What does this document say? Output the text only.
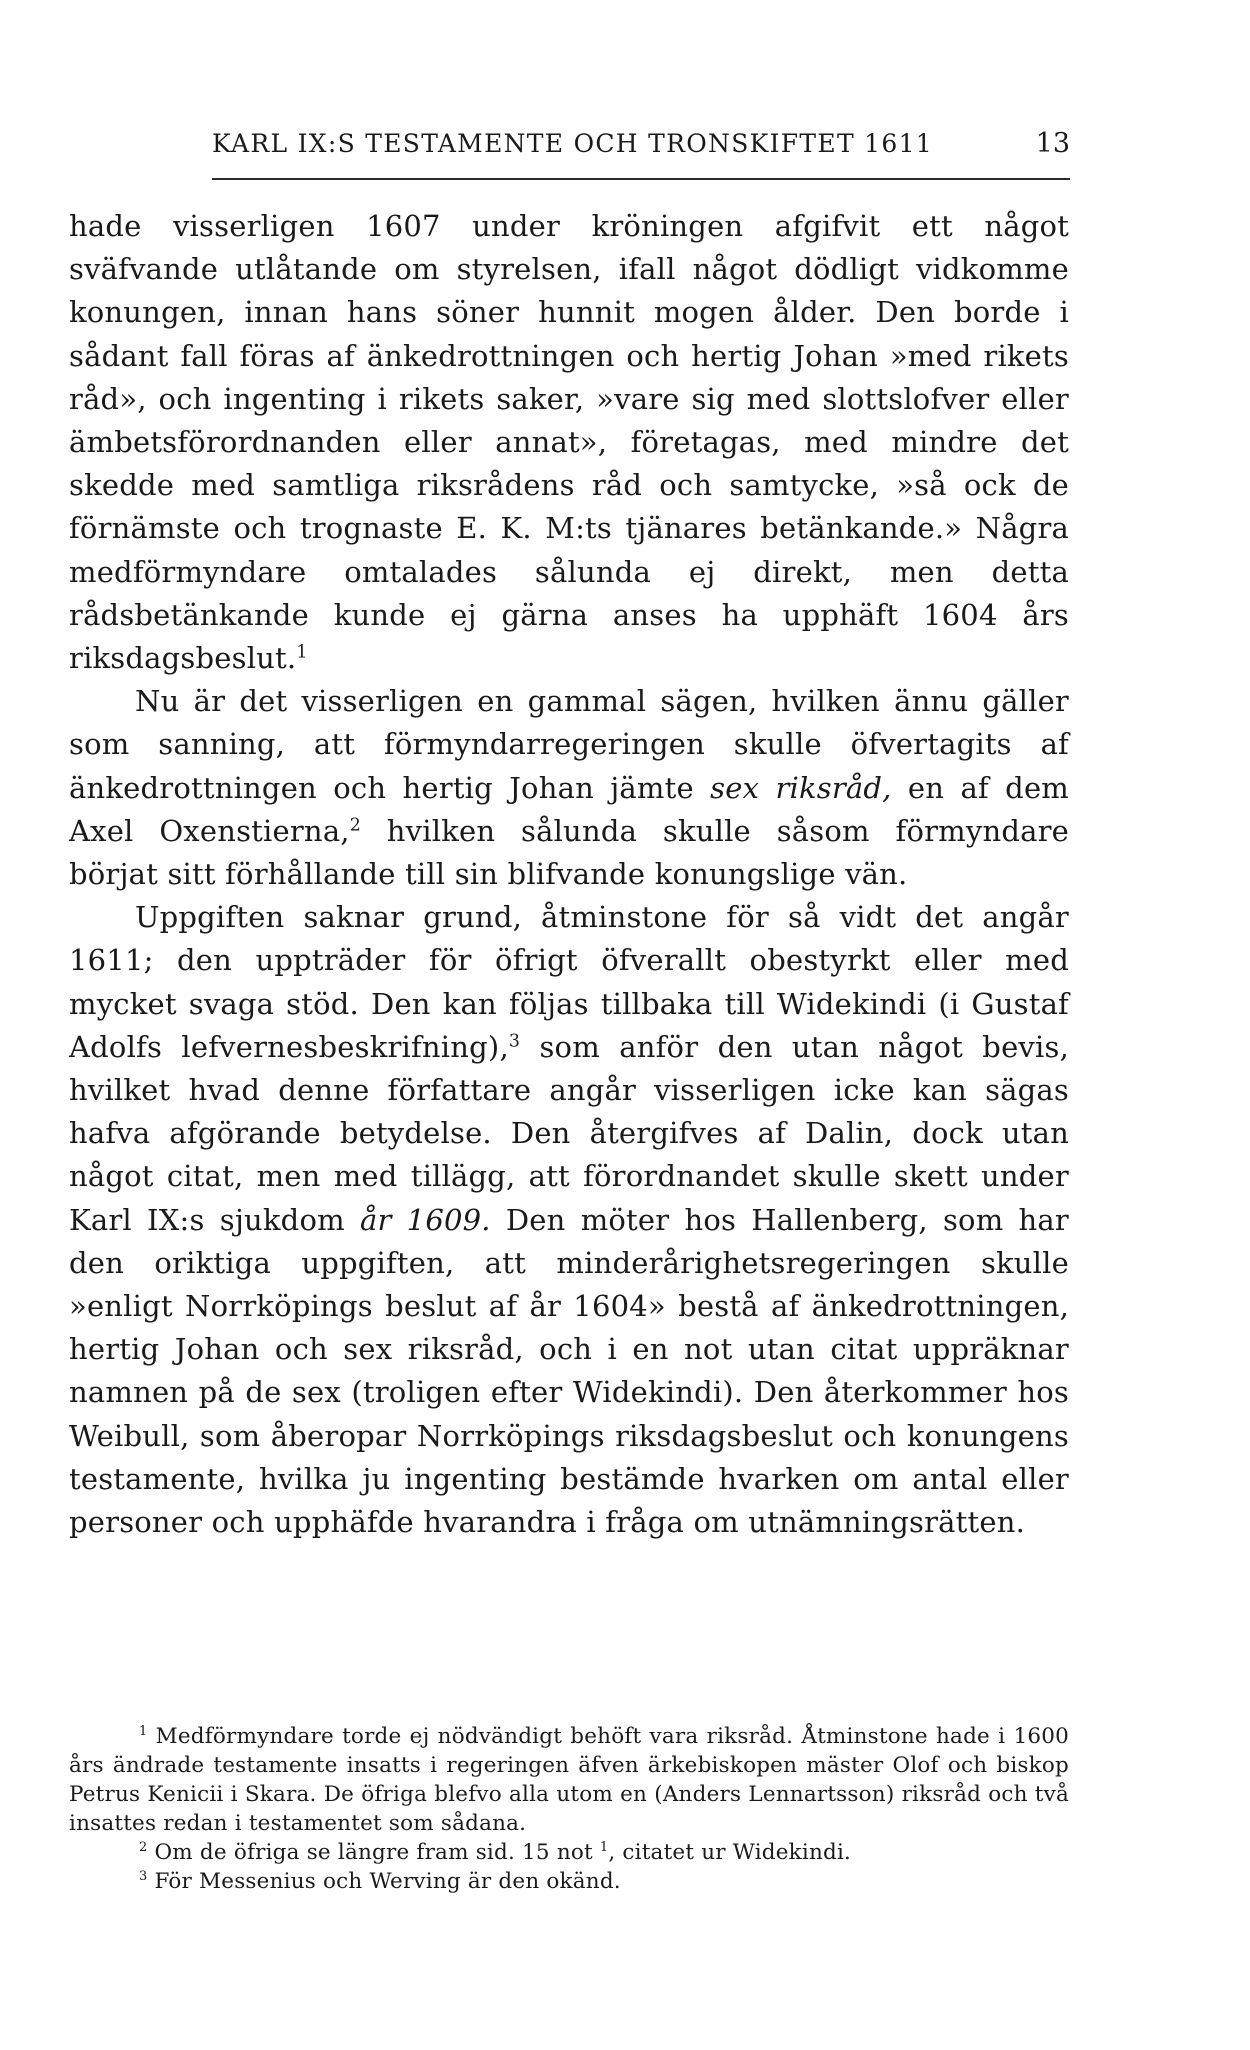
KARL IX:S TESTAMENTE OCH TRONSKIFTET 1611	13

hade visserligen 1607 under kröningen afgifvit ett något sväfvande utlåtande om styrelsen, ifall något dödligt vidkomme konungen, innan hans söner hunnit mogen ålder. Den borde i sådant fall föras af änkedrottningen och hertig Johan »med rikets råd», och ingenting i rikets saker, »vare sig med slottslofver eller ämbetsförordnanden eller annat», företagas, med mindre det skedde med samtliga riksrådens råd och samtycke, »så ock de förnämste och trognaste E. K. M:ts tjänares betänkande.» Några medförmyndare omtalades sålunda ej direkt, men detta rådsbetänkande kunde ej gärna anses ha upphäft 1604 års riksdagsbeslut.$^1$

Nu är det visserligen en gammal sägen, hvilken ännu gäller som sanning, att förmyndarregeringen skulle öfvertagits af änkedrottningen och hertig Johan jämte sex riksråd, en af dem Axel Oxenstierna,$^2$ hvilken sålunda skulle såsom förmyndare börjat sitt förhållande till sin blifvande konungslige vän.

Uppgiften saknar grund, åtminstone för så vidt det angår 1611; den uppträder för öfrigt öfverallt obestyrkt eller med mycket svaga stöd. Den kan följas tillbaka till Widekindi (i Gustaf Adolfs lefvernesbeskrifning),$^3$ som anför den utan något bevis, hvilket hvad denne författare angår visserligen icke kan sägas hafva afgörande betydelse. Den återgifves af Dalin, dock utan något citat, men med tillägg, att förordnandet skulle skett under Karl IX:s sjukdom år 1609. Den möter hos Hallenberg, som har den oriktiga uppgiften, att minderårighetsregeringen skulle »enligt Norrköpings beslut af år 1604» bestå af änkedrottningen, hertig Johan och sex riksråd, och i en not utan citat uppräknar namnen på de sex (troligen efter Widekindi). Den återkommer hos Weibull, som åberopar Norrköpings riksdagsbeslut och konungens testamente, hvilka ju ingenting bestämde hvarken om antal eller personer och upphäfde hvarandra i fråga om utnämningsrätten.

$^1$ Medförmyndare torde ej nödvändigt behöft vara riksråd. Åtminstone hade i 1600 års ändrade testamente insatts i regeringen äfven ärkebiskopen mäster Olof och biskop Petrus Kenicii i Skara. De öfriga blefvo alla utom en (Anders Lennartsson) riksråd och två insattes redan i testamentet som sådana.

$^2$ Om de öfriga se längre fram sid. 15 not $^1$, citatet ur Widekindi.

$^3$ För Messenius och Werving är den okänd.
